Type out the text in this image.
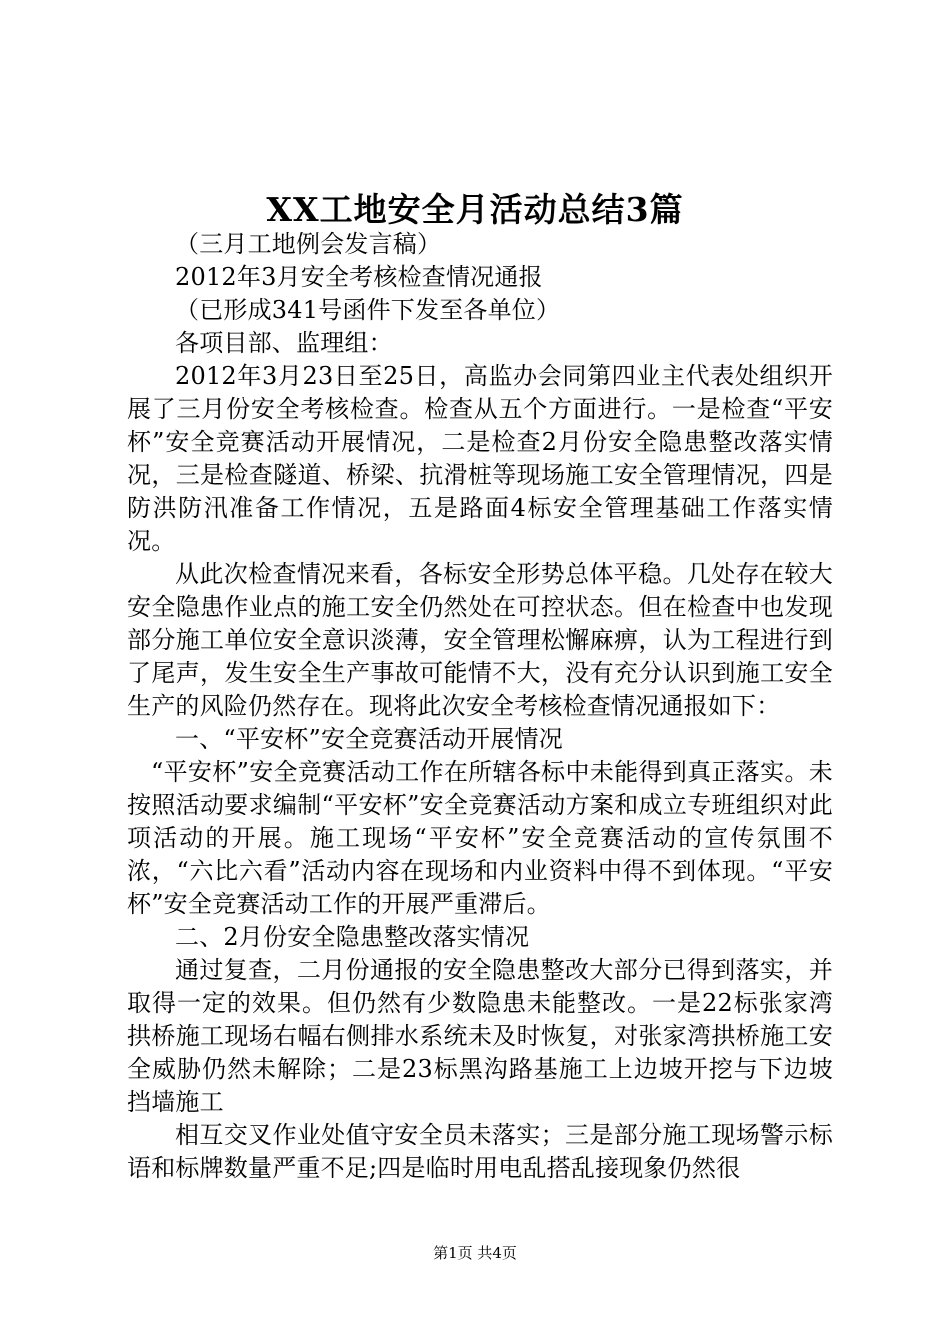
XX工地安全月活动总结3篇

（三月工地例会发言稿）

2012年3月安全考核检查情况通报

（已形成341号函件下发至各单位）

各项目部、监理组：

2012年3月23日至25日，高监办会同第四业主代表处组织开展了三月份安全考核检查。检查从五个方面进行。一是检查“平安杯”安全竞赛活动开展情况，二是检查2月份安全隐患整改落实情况，三是检查隧道、桥梁、抗滑桩等现场施工安全管理情况，四是防洪防汛准备工作情况，五是路面4标安全管理基础工作落实情况。

从此次检查情况来看，各标安全形势总体平稳。几处存在较大安全隐患作业点的施工安全仍然处在可控状态。但在检查中也发现部分施工单位安全意识淡薄，安全管理松懈麻痹，认为工程进行到了尾声，发生安全生产事故可能情不大，没有充分认识到施工安全生产的风险仍然存在。现将此次安全考核检查情况通报如下：

一、“平安杯”安全竞赛活动开展情况

“平安杯”安全竞赛活动工作在所辖各标中未能得到真正落实。未按照活动要求编制“平安杯”安全竞赛活动方案和成立专班组织对此项活动的开展。施工现场“平安杯”安全竞赛活动的宣传氛围不浓，“六比六看”活动内容在现场和内业资料中得不到体现。“平安杯”安全竞赛活动工作的开展严重滞后。

二、2月份安全隐患整改落实情况

通过复查，二月份通报的安全隐患整改大部分已得到落实，并取得一定的效果。但仍然有少数隐患未能整改。一是22标张家湾拱桥施工现场右幅右侧排水系统未及时恢复，对张家湾拱桥施工安全威胁仍然未解除；二是23标黑沟路基施工上边坡开挖与下边坡挡墙施工

相互交叉作业处值守安全员未落实；三是部分施工现场警示标语和标牌数量严重不足;四是临时用电乱搭乱接现象仍然很

第1页 共4页
